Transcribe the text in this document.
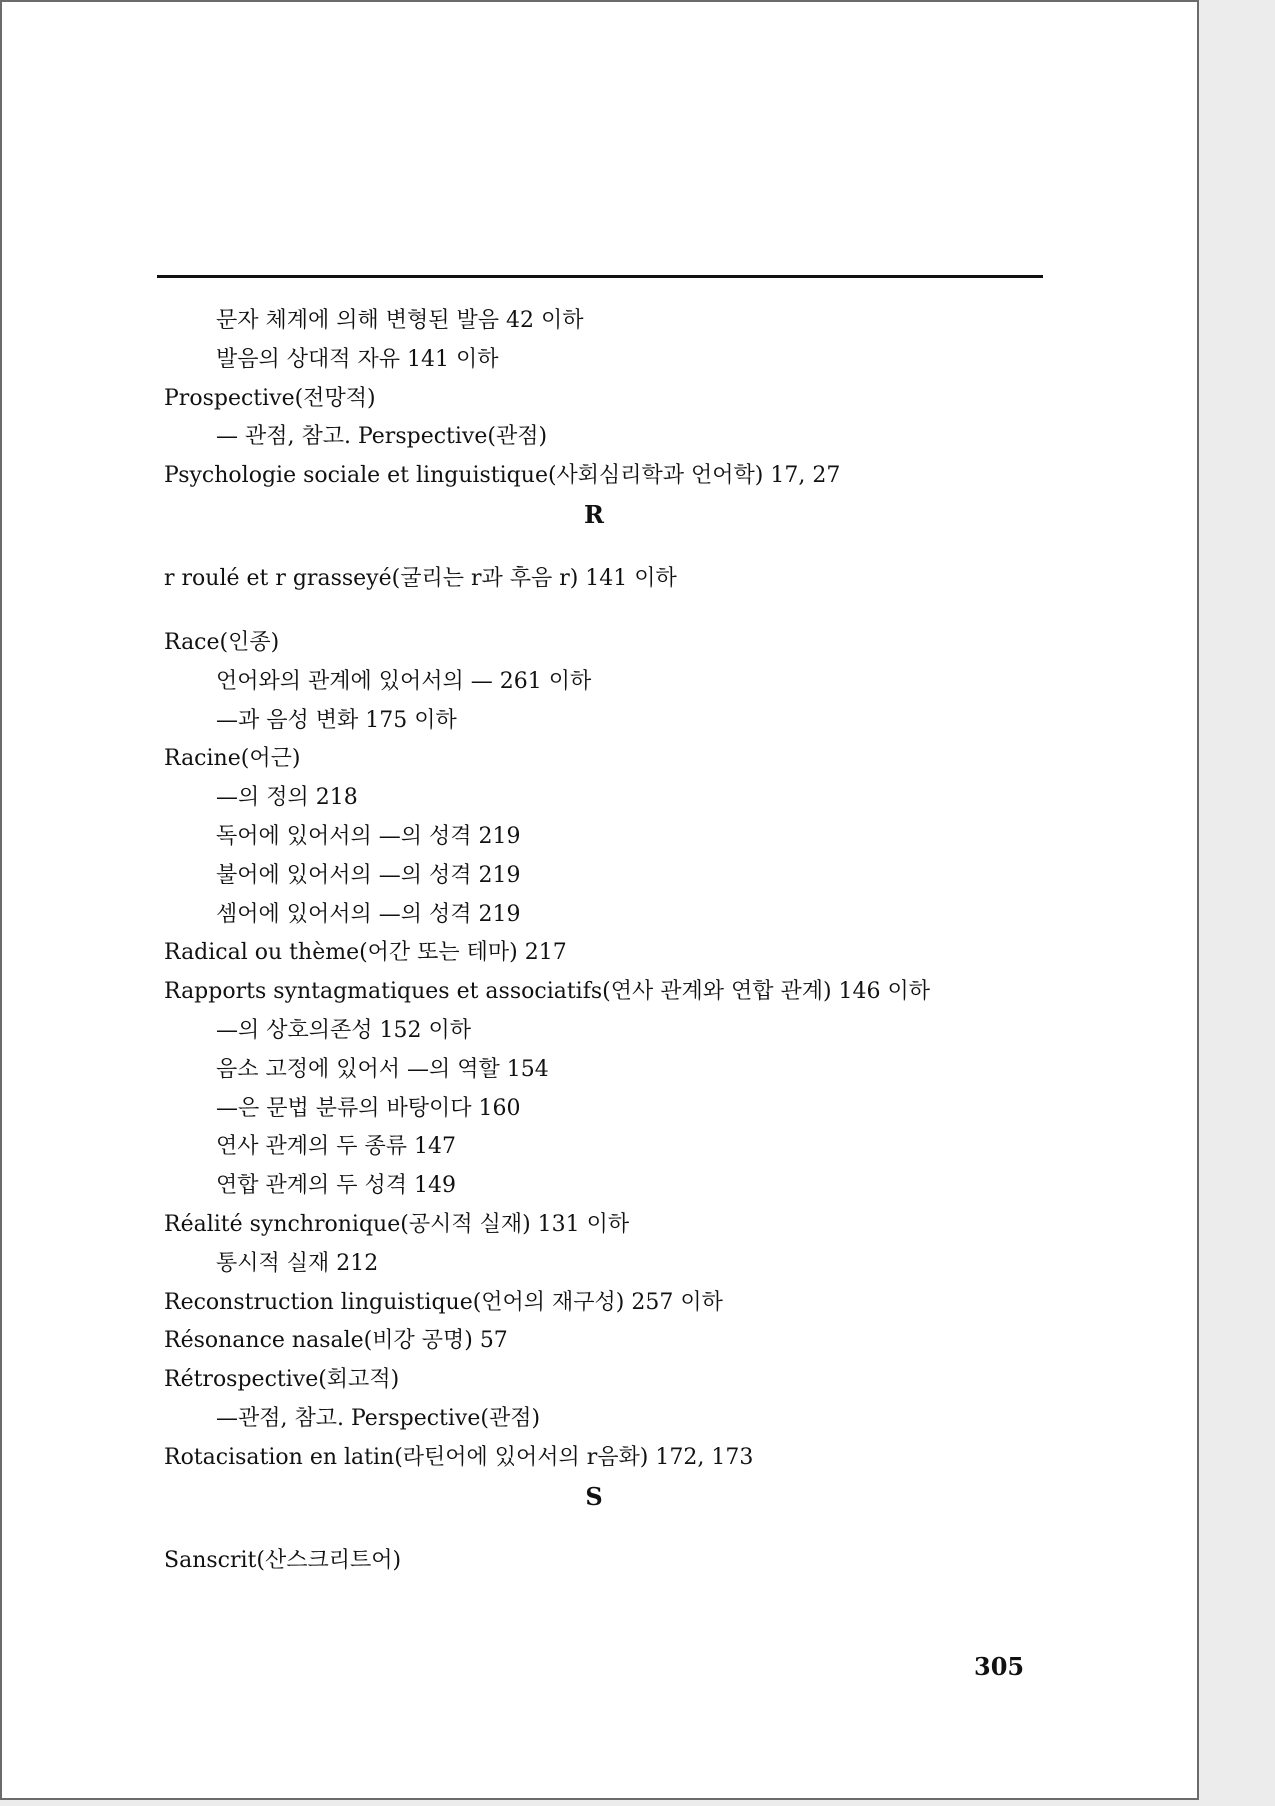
문자 체계에 의해 변형된 발음 42 이하
발음의 상대적 자유 141 이하
Prospective(전망적)
— 관점, 참고. Perspective(관점)
Psychologie sociale et linguistique(사회심리학과 언어학) 17, 27
R
r roulé et r grasseyé(굴리는 r과 후음 r) 141 이하
Race(인종)
언어와의 관계에 있어서의 — 261 이하
—과 음성 변화 175 이하
Racine(어근)
—의 정의 218
독어에 있어서의 —의 성격 219
불어에 있어서의 —의 성격 219
셈어에 있어서의 —의 성격 219
Radical ou thème(어간 또는 테마) 217
Rapports syntagmatiques et associatifs(연사 관계와 연합 관계) 146 이하
—의 상호의존성 152 이하
음소 고정에 있어서 —의 역할 154
—은 문법 분류의 바탕이다 160
연사 관계의 두 종류 147
연합 관계의 두 성격 149
Réalité synchronique(공시적 실재) 131 이하
통시적 실재 212
Reconstruction linguistique(언어의 재구성) 257 이하
Résonance nasale(비강 공명) 57
Rétrospective(회고적)
—관점, 참고. Perspective(관점)
Rotacisation en latin(라틴어에 있어서의 r음화) 172, 173
S
Sanscrit(산스크리트어)
305
